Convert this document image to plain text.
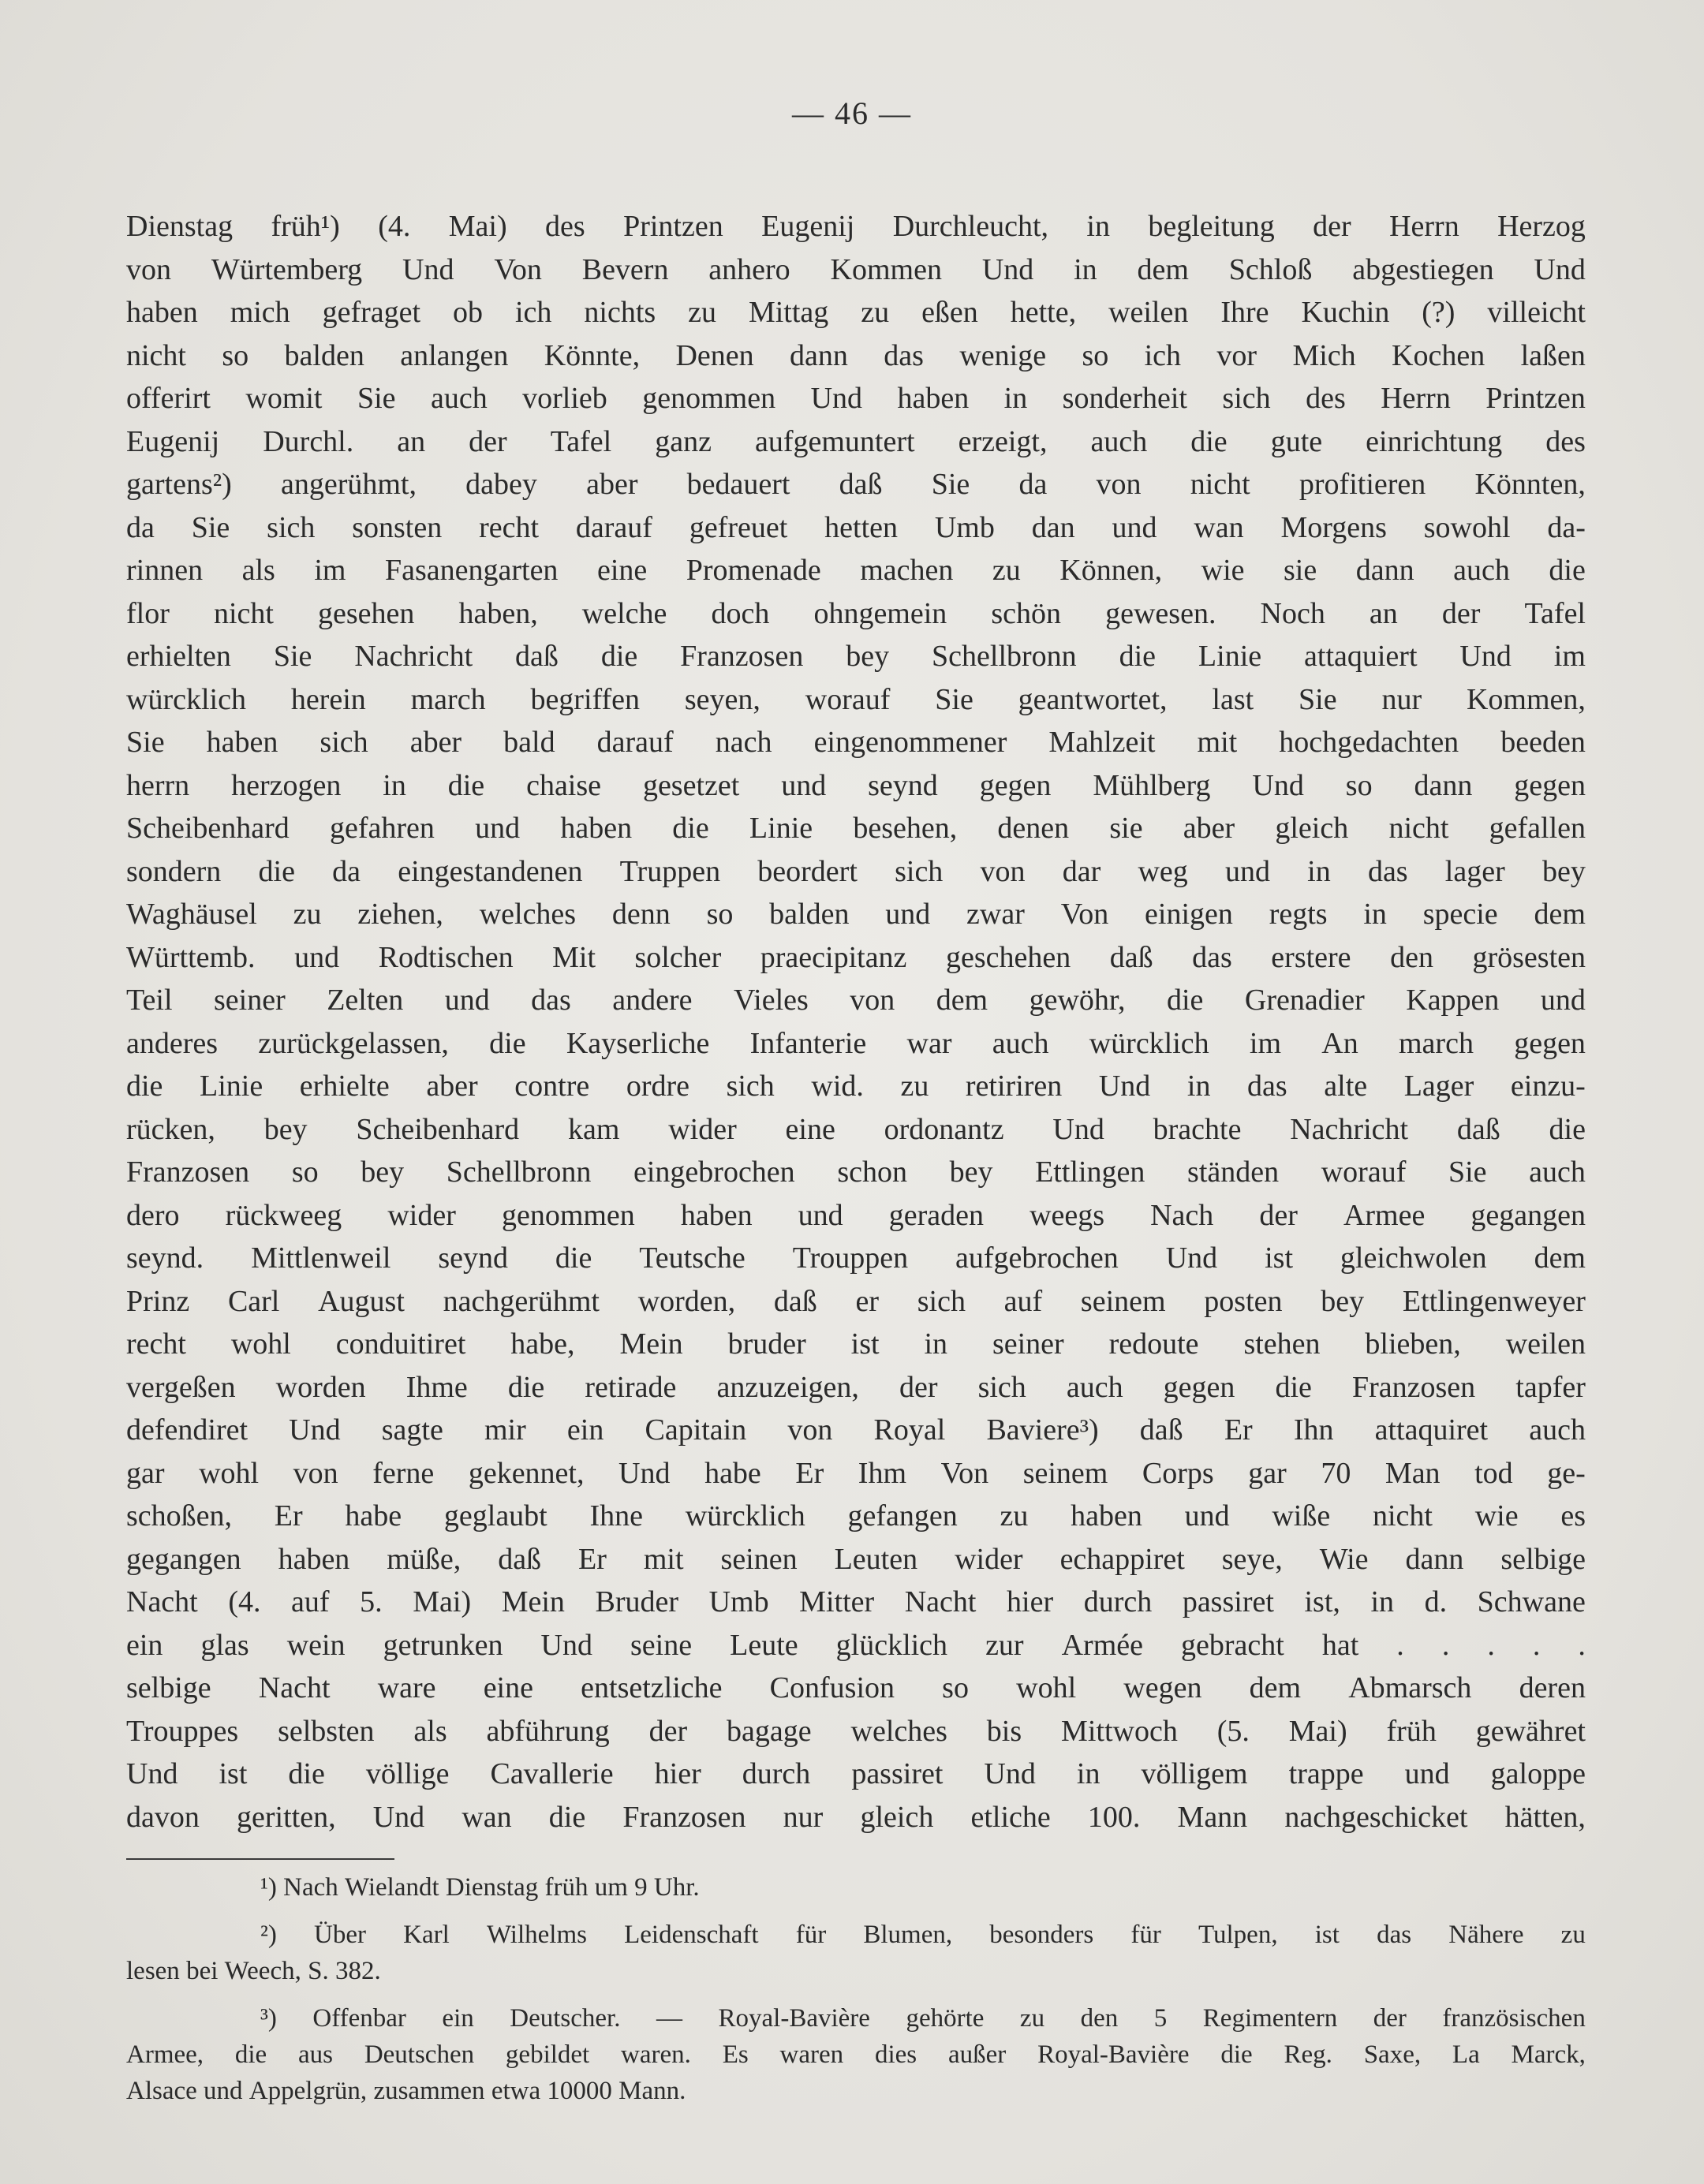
— 46 —
Dienstag früh¹) (4. Mai) des Printzen Eugenij Durchleucht, in begleitung der Herrn Herzog
von Würtemberg Und Von Bevern anhero Kommen Und in dem Schloß abgestiegen Und
haben mich gefraget ob ich nichts zu Mittag zu eßen hette, weilen Ihre Kuchin (?) villeicht
nicht so balden anlangen Könnte, Denen dann das wenige so ich vor Mich Kochen laßen
offerirt womit Sie auch vorlieb genommen Und haben in sonderheit sich des Herrn Printzen
Eugenij Durchl. an der Tafel ganz aufgemuntert erzeigt, auch die gute einrichtung des
gartens²) angerühmt, dabey aber bedauert daß Sie da von nicht profitieren Könnten,
da Sie sich sonsten recht darauf gefreuet hetten Umb dan und wan Morgens sowohl da-
rinnen als im Fasanengarten eine Promenade machen zu Können, wie sie dann auch die
flor nicht gesehen haben, welche doch ohngemein schön gewesen. Noch an der Tafel
erhielten Sie Nachricht daß die Franzosen bey Schellbronn die Linie attaquiert Und im
würcklich herein march begriffen seyen, worauf Sie geantwortet, last Sie nur Kommen,
Sie haben sich aber bald darauf nach eingenommener Mahlzeit mit hochgedachten beeden
herrn herzogen in die chaise gesetzet und seynd gegen Mühlberg Und so dann gegen
Scheibenhard gefahren und haben die Linie besehen, denen sie aber gleich nicht gefallen
sondern die da eingestandenen Truppen beordert sich von dar weg und in das lager bey
Waghäusel zu ziehen, welches denn so balden und zwar Von einigen regts in specie dem
Württemb. und Rodtischen Mit solcher praecipitanz geschehen daß das erstere den grösesten
Teil seiner Zelten und das andere Vieles von dem gewöhr, die Grenadier Kappen und
anderes zurückgelassen, die Kayserliche Infanterie war auch würcklich im An march gegen
die Linie erhielte aber contre ordre sich wid. zu retiriren Und in das alte Lager einzu-
rücken, bey Scheibenhard kam wider eine ordonantz Und brachte Nachricht daß die
Franzosen so bey Schellbronn eingebrochen schon bey Ettlingen ständen worauf Sie auch
dero rückweeg wider genommen haben und geraden weegs Nach der Armee gegangen
seynd. Mittlenweil seynd die Teutsche Trouppen aufgebrochen Und ist gleichwolen dem
Prinz Carl August nachgerühmt worden, daß er sich auf seinem posten bey Ettlingenweyer
recht wohl conduitiret habe, Mein bruder ist in seiner redoute stehen blieben, weilen
vergeßen worden Ihme die retirade anzuzeigen, der sich auch gegen die Franzosen tapfer
defendiret Und sagte mir ein Capitain von Royal Baviere³) daß Er Ihn attaquiret auch
gar wohl von ferne gekennet, Und habe Er Ihm Von seinem Corps gar 70 Man tod ge-
schoßen, Er habe geglaubt Ihne würcklich gefangen zu haben und wiße nicht wie es
gegangen haben müße, daß Er mit seinen Leuten wider echappiret seye, Wie dann selbige
Nacht (4. auf 5. Mai) Mein Bruder Umb Mitter Nacht hier durch passiret ist, in d. Schwane
ein glas wein getrunken Und seine Leute glücklich zur Armée gebracht hat . . . . .
selbige Nacht ware eine entsetzliche Confusion so wohl wegen dem Abmarsch deren
Trouppes selbsten als abführung der bagage welches bis Mittwoch (5. Mai) früh gewähret
Und ist die völlige Cavallerie hier durch passiret Und in völligem trappe und galoppe
davon geritten, Und wan die Franzosen nur gleich etliche 100. Mann nachgeschicket hätten,
¹) Nach Wielandt Dienstag früh um 9 Uhr.
²) Über Karl Wilhelms Leidenschaft für Blumen, besonders für Tulpen, ist das Nähere zu
lesen bei Weech, S. 382.
³) Offenbar ein Deutscher. — Royal-Bavière gehörte zu den 5 Regimentern der französischen
Armee, die aus Deutschen gebildet waren. Es waren dies außer Royal-Bavière die Reg. Saxe, La Marck,
Alsace und Appelgrün, zusammen etwa 10000 Mann.
